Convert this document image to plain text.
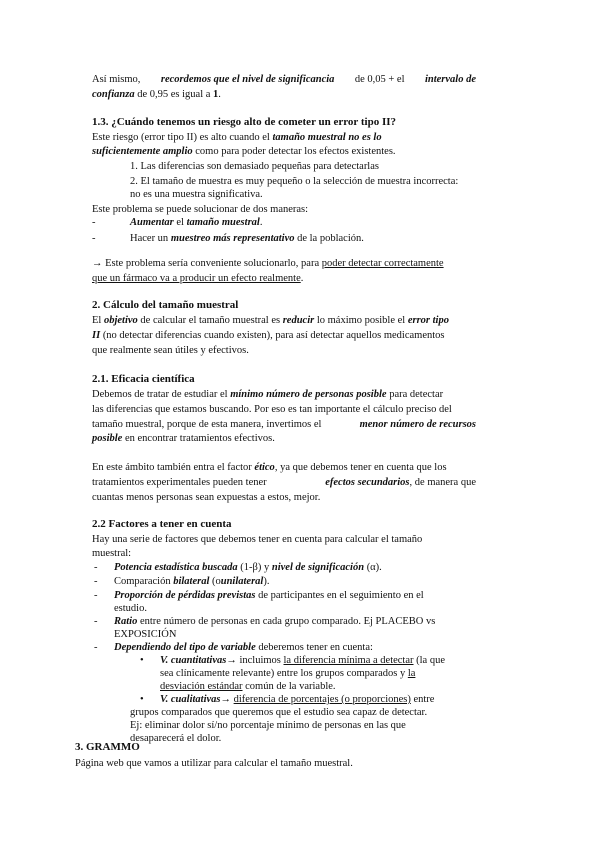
Así mismo, recordemos que el nivel de significancia de 0,05 + el intervalo de
confianza de 0,95 es igual a 1.
1.3. ¿Cuándo tenemos un riesgo alto de cometer un error tipo II?
Este riesgo (error tipo II) es alto cuando el tamaño muestral no es lo
suficientemente amplio como para poder detectar los efectos existentes.
1. Las diferencias son demasiado pequeñas para detectarlas
2. El tamaño de muestra es muy pequeño o la selección de muestra incorrecta:
no es una muestra significativa.
Este problema se puede solucionar de dos maneras:
-	Aumentar el tamaño muestral.
-	Hacer un muestreo más representativo de la población.
→ Este problema sería conveniente solucionarlo, para poder detectar correctamente
que un fármaco va a producir un efecto realmente.
2. Cálculo del tamaño muestral
El objetivo de calcular el tamaño muestral es reducir lo máximo posible el error tipo
II (no detectar diferencias cuando existen), para así detectar aquellos medicamentos
que realmente sean útiles y efectivos.
2.1. Eficacia científica
Debemos de tratar de estudiar el mínimo número de personas posible para detectar
las diferencias que estamos buscando. Por eso es tan importante el cálculo preciso del
tamaño muestral, porque de esta manera, invertimos el	menor número de recursos
posible en encontrar tratamientos efectivos.
En este ámbito también entra el factor ético, ya que debemos tener en cuenta que los
tratamientos experimentales pueden tener	efectos secundarios, de manera que
cuantas menos personas sean expuestas a estos, mejor.
2.2 Factores a tener en cuenta
Hay una serie de factores que debemos tener en cuenta para calcular el tamaño
muestral:
- Potencia estadística buscada (1-β) y nivel de significación (α).
- Comparación bilateral (ounilateral).
- Proporción de pérdidas previstas de participantes en el seguimiento en el
estudio.
- Ratio entre número de personas en cada grupo comparado. Ej PLACEBO vs
EXPOSICIÓN
- Dependiendo del tipo de variable deberemos tener en cuenta:
• V. cuantitativas→ incluimos la diferencia mínima a detectar (la que
sea clínicamente relevante) entre los grupos comparados y la
desviación estándar común de la variable.
• V. cualitativas→ diferencia de porcentajes (o proporciones) entre
grupos comparados que queremos que el estudio sea capaz de detectar.
Ej: eliminar dolor sí/no porcentaje mínimo de personas en las que
desaparecerá el dolor.
3. GRAMMO
Página web que vamos a utilizar para calcular el tamaño muestral.
